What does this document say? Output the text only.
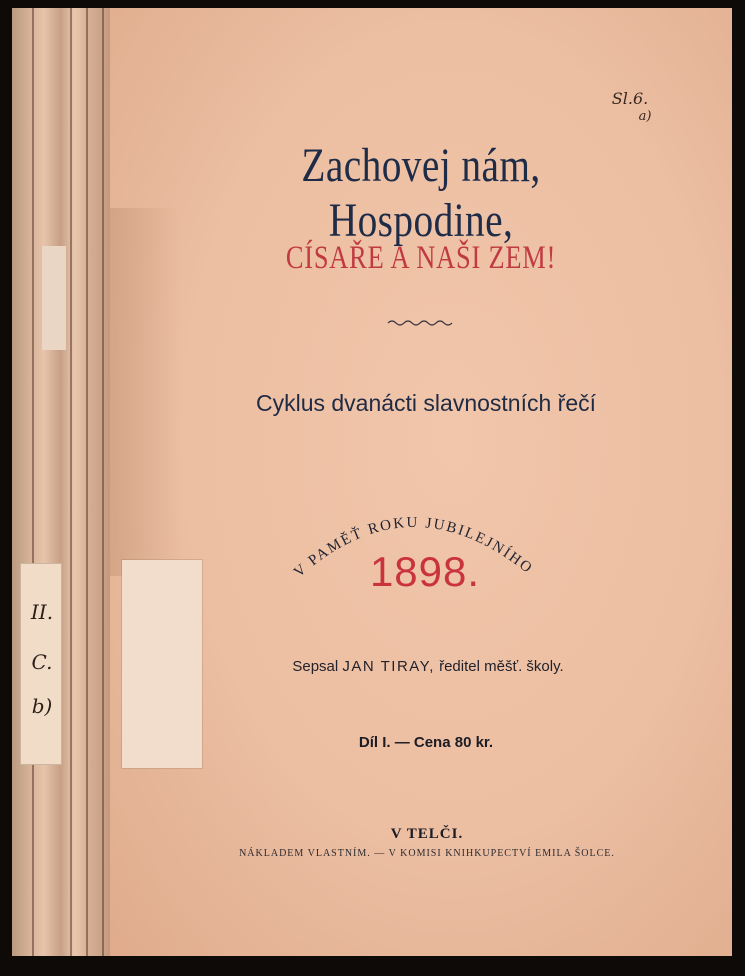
II.
C.
b)
Sl.6.
a)
Zachovej nám, Hospodine,
CÍSAŘE A NAŠI ZEM!
Cyklus dvanácti slavnostních řečí
V PAMĚŤ ROKU JUBILEJNÍHO
1898.
Sepsal JAN TIRAY, ředitel měšť. školy.
Díl I. — Cena 80 kr.
V TELČI.
NÁKLADEM VLASTNÍM. — V KOMISI KNIHKUPECTVÍ EMILA ŠOLCE.
